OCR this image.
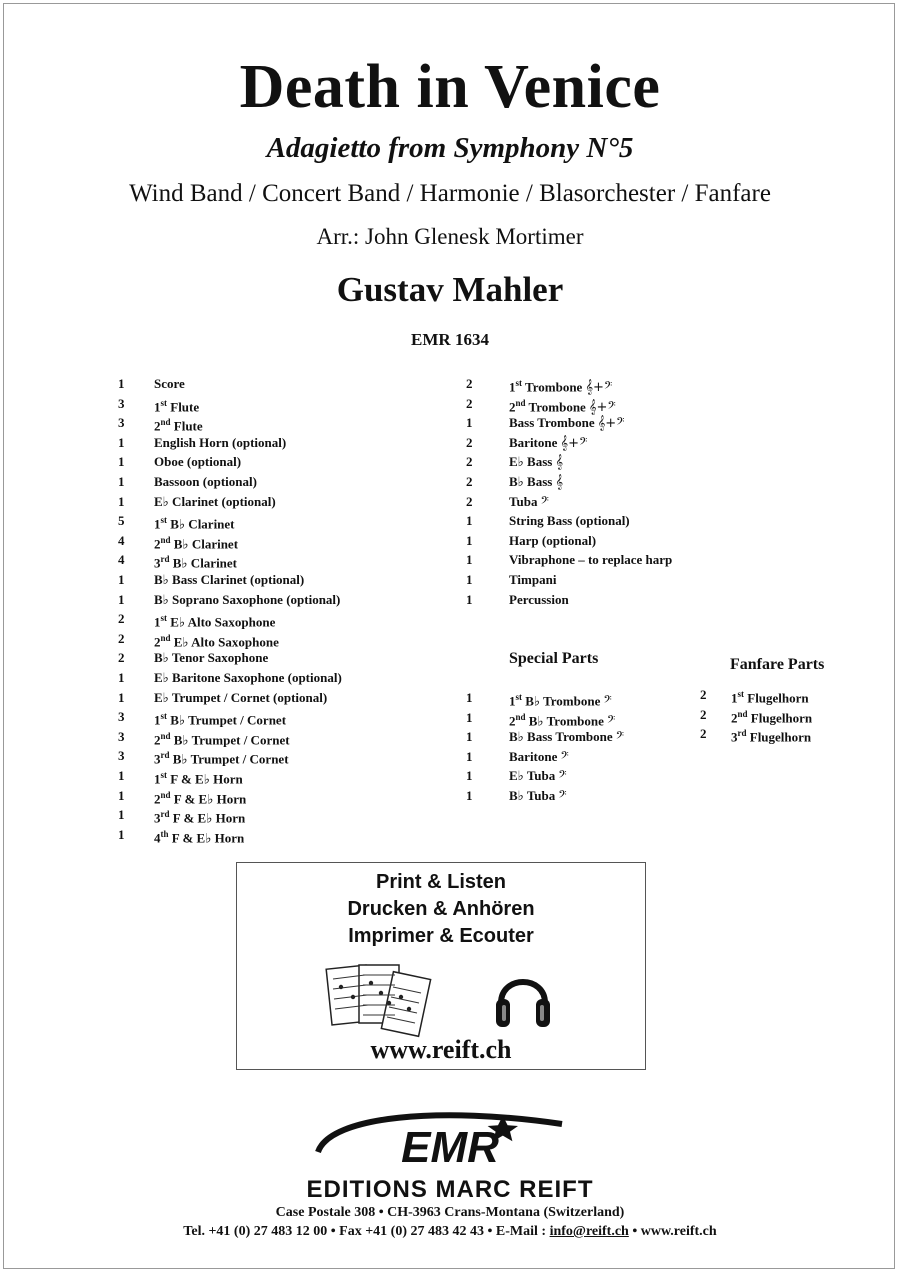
Death in Venice
Adagietto from Symphony N°5
Wind Band / Concert Band / Harmonie / Blasorchester / Fanfare
Arr.: John Glenesk Mortimer
Gustav Mahler
EMR 1634
1 Score
3 1st Flute
3 2nd Flute
1 English Horn (optional)
1 Oboe (optional)
1 Bassoon (optional)
1 E♭ Clarinet (optional)
5 1st B♭ Clarinet
4 2nd B♭ Clarinet
4 3rd B♭ Clarinet
1 B♭ Bass Clarinet (optional)
1 B♭ Soprano Saxophone (optional)
2 1st E♭ Alto Saxophone
2 2nd E♭ Alto Saxophone
2 B♭ Tenor Saxophone
1 E♭ Baritone Saxophone (optional)
1 E♭ Trumpet / Cornet (optional)
3 1st B♭ Trumpet / Cornet
3 2nd B♭ Trumpet / Cornet
3 3rd B♭ Trumpet / Cornet
1 1st F & E♭ Horn
1 2nd F & E♭ Horn
1 3rd F & E♭ Horn
1 4th F & E♭ Horn
2	1st Trombone 𝄞+𝄢
2	2nd Trombone 𝄞+𝄢
1	Bass Trombone 𝄞+𝄢
2	Baritone 𝄞+𝄢
2	E♭ Bass 𝄞
2	B♭ Bass 𝄞
2	Tuba 𝄢
1	String Bass (optional)
1	Harp (optional)
1	Vibraphone – to replace harp
1	Timpani
1	Percussion
1	1st B♭ Trombone 𝄢
1	2nd B♭ Trombone 𝄢
1	B♭ Bass Trombone 𝄢
1	Baritone 𝄢
1	E♭ Tuba 𝄢
1	B♭ Tuba 𝄢
2 1st Flugelhorn
2 2nd Flugelhorn
2 3rd Flugelhorn
Special Parts	Fanfare Parts
Print & Listen
Drucken & Anhören
Imprimer & Ecouter
www.reift.ch
EMR
EDITIONS MARC REIFT
Case Postale 308 • CH-3963 Crans-Montana (Switzerland)
Tel. +41 (0) 27 483 12 00 • Fax +41 (0) 27 483 42 43 • E-Mail : info@reift.ch • www.reift.ch
